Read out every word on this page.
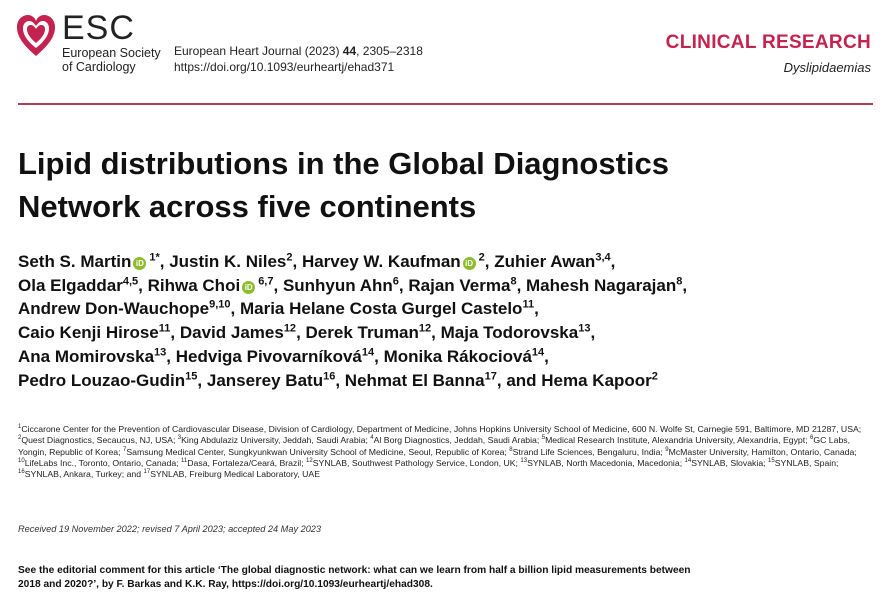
ESC
European Society
of Cardiology
European Heart Journal (2023) 44, 2305–2318
https://doi.org/10.1093/eurheartj/ehad371
CLINICAL RESEARCH
Dyslipidaemias
Lipid distributions in the Global Diagnostics
Network across five continents
Seth S. Martin $iD^{1*}$, Justin K. Niles$^2$, Harvey W. Kaufman $iD^2$, Zuhier Awan$^{3,4}$,
Ola Elgaddar$^{4,5}$, Rihwa Choi iD$^{6,7}$, Sunhyun Ahn$^6$, Rajan Verma$^8$, Mahesh Nagarajan$^8$,
Andrew Don-Wauchope$^{9,10}$, Maria Helane Costa Gurgel Castelo$^{11}$,
Caio Kenji Hirose$^{11}$, David James$^{12}$, Derek Truman$^{12}$, Maja Todorovska$^{13}$,
Ana Momirovska$^{13}$, Hedviga Pivovarníková$^{14}$, Monika Rákociová$^{14}$,
Pedro Louzao-Gudin$^{15}$, Janserey Batu$^{16}$, Nehmat El Banna$^{17}$, and Hema Kapoor$^2$
$^1$Ciccarone Center for the Prevention of Cardiovascular Disease, Division of Cardiology, Department of Medicine, Johns Hopkins University School of Medicine, 600 N. Wolfe St, Carnegie 591, Baltimore, MD 21287, USA; $^2$Quest Diagnostics, Secaucus, NJ, USA; $^3$King Abdulaziz University, Jeddah, Saudi Arabia; $^4$Al Borg Diagnostics, Jeddah, Saudi Arabia; $^5$Medical Research Institute, Alexandria University, Alexandria, Egypt; $^6$GC Labs, Yongin, Republic of Korea; $^7$Samsung Medical Center, Sungkyunkwan University School of Medicine, Seoul, Republic of Korea; $^8$Strand Life Sciences, Bengaluru, India; $^9$McMaster University, Hamilton, Ontario, Canada; $^{10}$LifeLabs Inc., Toronto, Ontario, Canada; $^{11}$Dasa, Fortaleza/Ceará, Brazil; $^{12}$SYNLAB, Southwest Pathology Service, London, UK; $^{13}$SYNLAB, North Macedonia, Macedonia; $^{14}$SYNLAB, Slovakia; $^{15}$SYNLAB, Spain; $^{16}$SYNLAB, Ankara, Turkey; and $^{17}$SYNLAB, Freiburg Medical Laboratory, UAE
Received 19 November 2022; revised 7 April 2023; accepted 24 May 2023
See the editorial comment for this article ‘The global diagnostic network: what can we learn from half a billion lipid measurements between
2018 and 2020?’, by F. Barkas and K.K. Ray, https://doi.org/10.1093/eurheartj/ehad308.
